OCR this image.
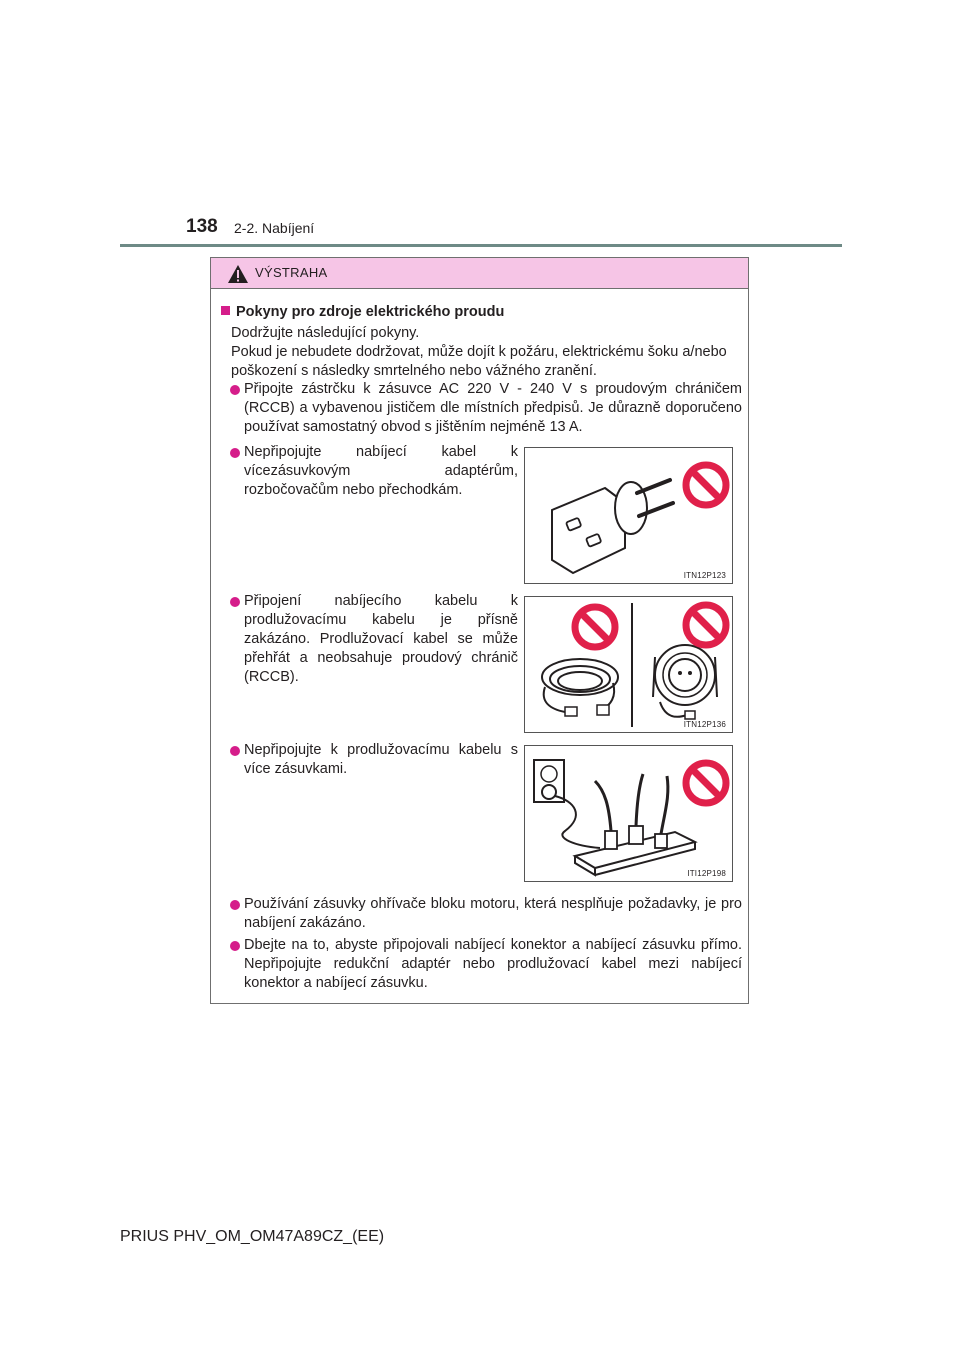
138 2-2. Nabíjení
VÝSTRAHA
Pokyny pro zdroje elektrického proudu
Dodržujte následující pokyny.
Pokud je nebudete dodržovat, může dojít k požáru, elektrickému šoku a/nebo poškození s následky smrtelného nebo vážného zranění.
Připojte zástrčku k zásuvce AC 220 V - 240 V s proudovým chráničem (RCCB) a vybavenou jističem dle místních předpisů. Je důrazně doporučeno používat samostatný obvod s jištěním nejméně 13 A.
Nepřipojujte nabíjecí kabel k vícezásuvkovým adaptérům, rozbočovačům nebo přechodkám.
ITN12P123
Připojení nabíjecího kabelu k prodlužovacímu kabelu je přísně zakázáno. Prodlužovací kabel se může přehřát a neobsahuje proudový chránič (RCCB).
ITN12P136
Nepřipojujte k prodlužovacímu kabelu s více zásuvkami.
ITI12P198
Používání zásuvky ohřívače bloku motoru, která nesplňuje požadavky, je pro nabíjení zakázáno.
Dbejte na to, abyste připojovali nabíjecí konektor a nabíjecí zásuvku přímo. Nepřipojujte redukční adaptér nebo prodlužovací kabel mezi nabíjecí konektor a nabíjecí zásuvku.
PRIUS PHV_OM_OM47A89CZ_(EE)
